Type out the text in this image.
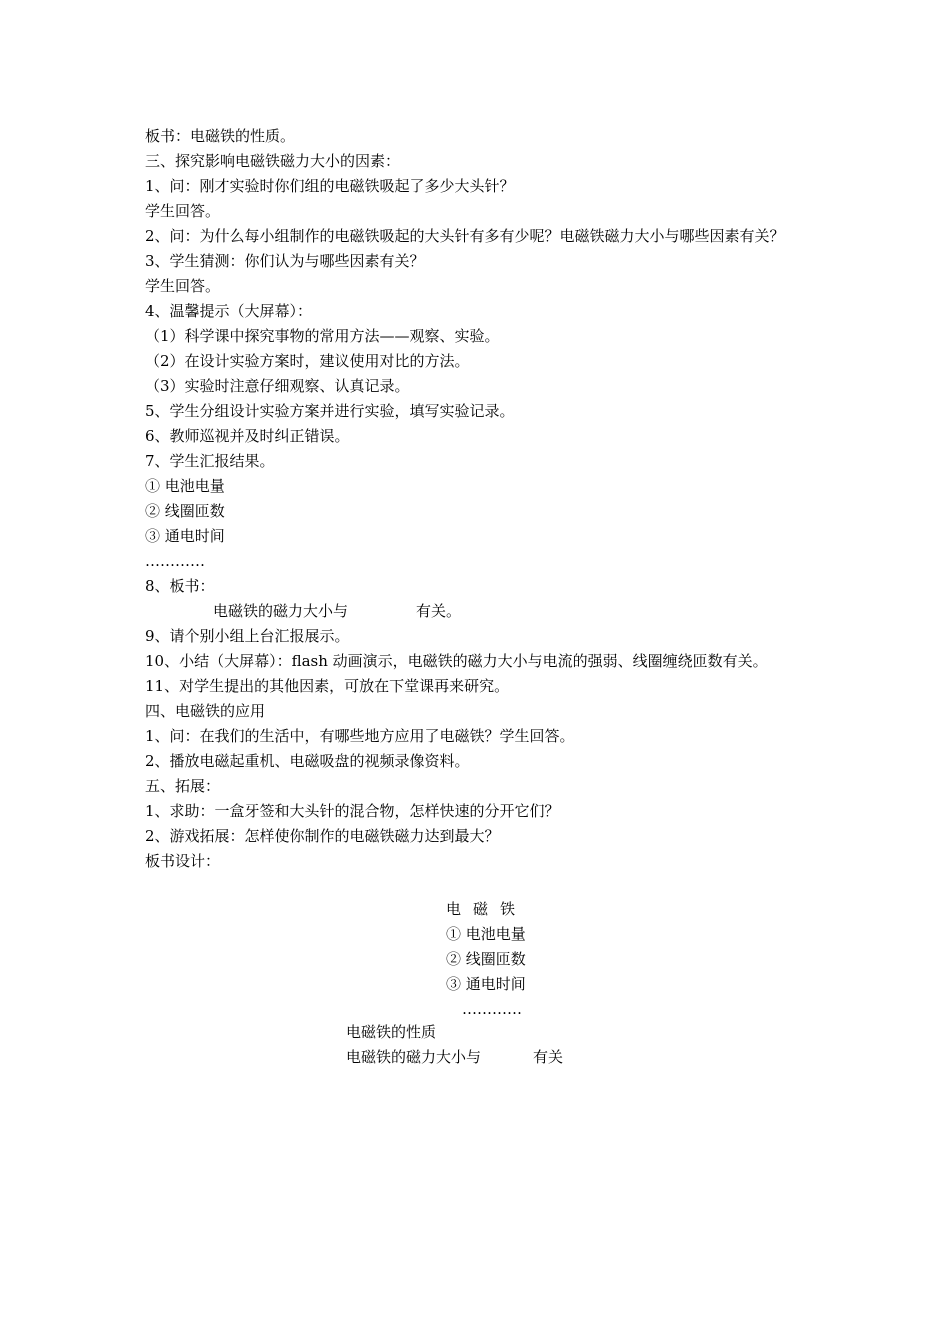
板书：电磁铁的性质。
三、探究影响电磁铁磁力大小的因素：
1、问：刚才实验时你们组的电磁铁吸起了多少大头针？
学生回答。
2、问：为什么每小组制作的电磁铁吸起的大头针有多有少呢？电磁铁磁力大小与哪些因素有关？
3、学生猜测：你们认为与哪些因素有关？
学生回答。
4、温馨提示（大屏幕）：
（1）科学课中探究事物的常用方法——观察、实验。
（2）在设计实验方案时，建议使用对比的方法。
（3）实验时注意仔细观察、认真记录。
5、学生分组设计实验方案并进行实验，填写实验记录。
6、教师巡视并及时纠正错误。
7、学生汇报结果。
① 电池电量
② 线圈匝数
③ 通电时间
…………
8、板书：
电磁铁的磁力大小与	有关。
9、请个别小组上台汇报展示。
10、小结（大屏幕）：flash 动画演示，电磁铁的磁力大小与电流的强弱、线圈缠绕匝数有关。
11、对学生提出的其他因素，可放在下堂课再来研究。
四、电磁铁的应用
1、问：在我们的生活中，有哪些地方应用了电磁铁？学生回答。
2、播放电磁起重机、电磁吸盘的视频录像资料。
五、拓展：
1、求助：一盒牙签和大头针的混合物，怎样快速的分开它们？
2、游戏拓展：怎样使你制作的电磁铁磁力达到最大？
板书设计：
电磁铁
① 电池电量
② 线圈匝数
③ 通电时间
…………
电磁铁的性质
电磁铁的磁力大小与	有关
